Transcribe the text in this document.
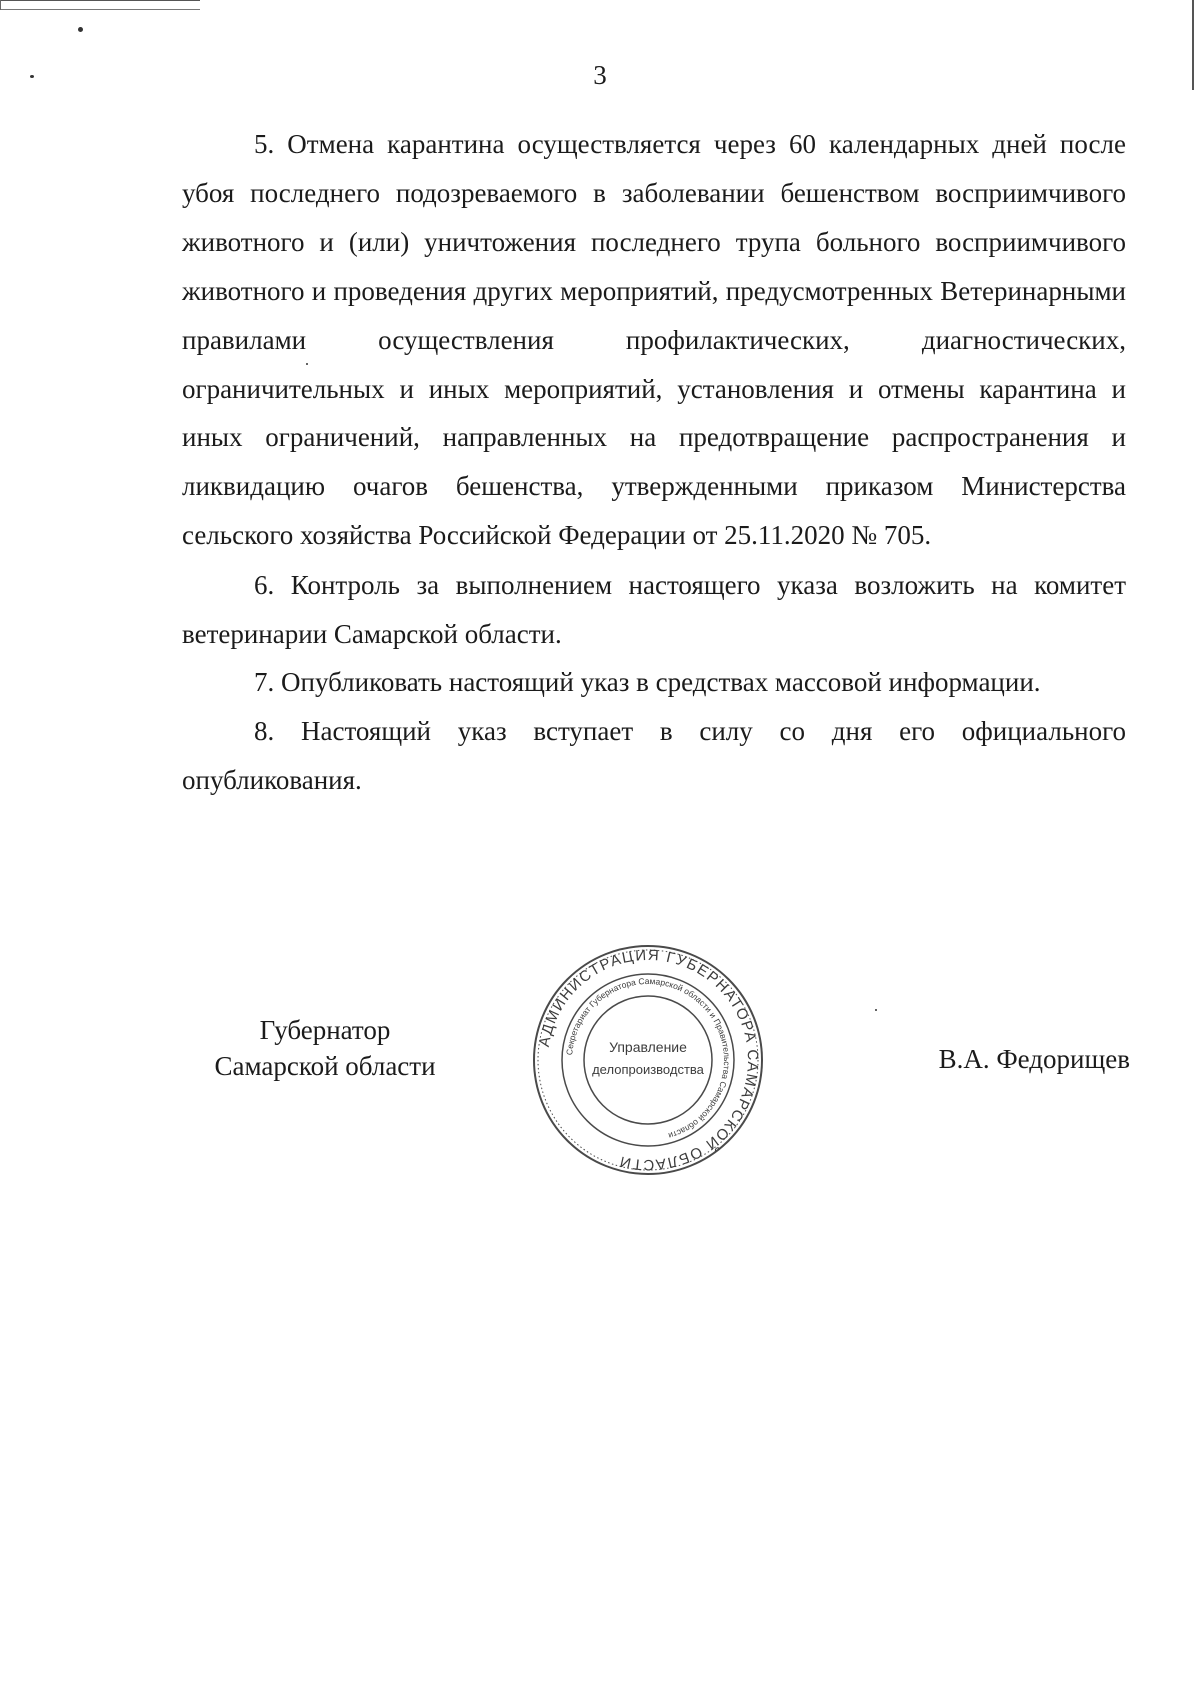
3

5. Отмена карантина осуществляется через 60 календарных дней после убоя последнего подозреваемого в заболевании бешенством восприимчивого животного и (или) уничтожения последнего трупа больного восприимчивого животного и проведения других мероприятий, предусмотренных Ветеринарными правилами осуществления профилактических, диагностических, ограничительных и иных мероприятий, установления и отмены карантина и иных ограничений, направленных на предотвращение распространения и ликвидацию очагов бешенства, утвержденными приказом Министерства сельского хозяйства Российской Федерации от 25.11.2020 № 705.

6. Контроль за выполнением настоящего указа возложить на комитет ветеринарии Самарской области.

7. Опубликовать настоящий указ в средствах массовой информации.

8. Настоящий указ вступает в силу со дня его официального опубликования.

Губернатор
Самарской области
АДМИНИСТРАЦИЯ ГУБЕРНАТОРА САМАРСКОЙ ОБЛАСТИ
Секретариат Губернатора Самарской области и Правительства Самарской области
Управление
делопроизводства	В.А. Федорищев
